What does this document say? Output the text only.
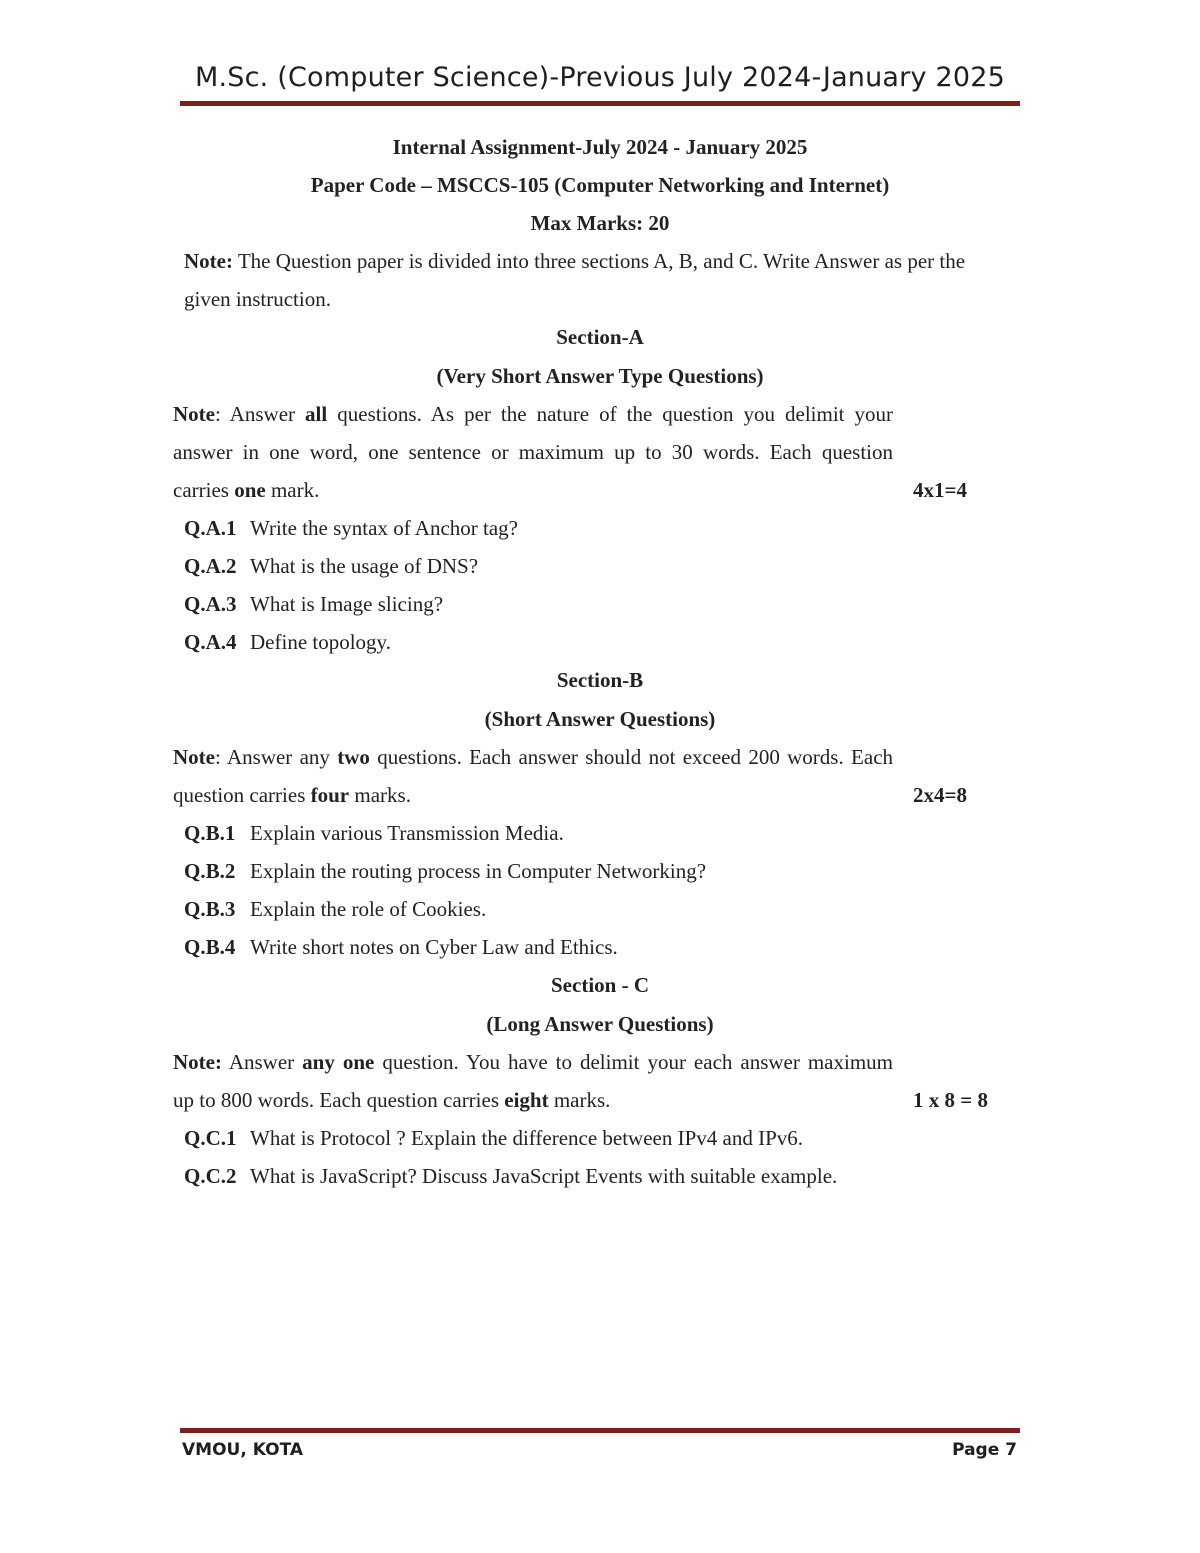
M.Sc. (Computer Science)-Previous July 2024-January 2025
Internal Assignment-July 2024 - January 2025
Paper Code – MSCCS-105 (Computer Networking and Internet)
Max Marks: 20
Note: The Question paper is divided into three sections A, B, and C. Write Answer as per the
given instruction.
Section-A
(Very Short Answer Type Questions)
Note: Answer all questions. As per the nature of the question you delimit your
answer in one word, one sentence or maximum up to 30 words. Each question
carries one mark.	4x1=4
Q.A.1 Write the syntax of Anchor tag?
Q.A.2 What is the usage of DNS?
Q.A.3 What is Image slicing?
Q.A.4 Define topology.
Section-B
(Short Answer Questions)
Note: Answer any two questions. Each answer should not exceed 200 words. Each
question carries four marks.	2x4=8
Q.B.1 Explain various Transmission Media.
Q.B.2 Explain the routing process in Computer Networking?
Q.B.3 Explain the role of Cookies.
Q.B.4 Write short notes on Cyber Law and Ethics.
Section - C
(Long Answer Questions)
Note: Answer any one question. You have to delimit your each answer maximum
up to 800 words. Each question carries eight marks.	1 x 8 = 8
Q.C.1 What is Protocol ? Explain the difference between IPv4 and IPv6.
Q.C.2 What is JavaScript? Discuss JavaScript Events with suitable example.
VMOU, KOTA	Page 7
